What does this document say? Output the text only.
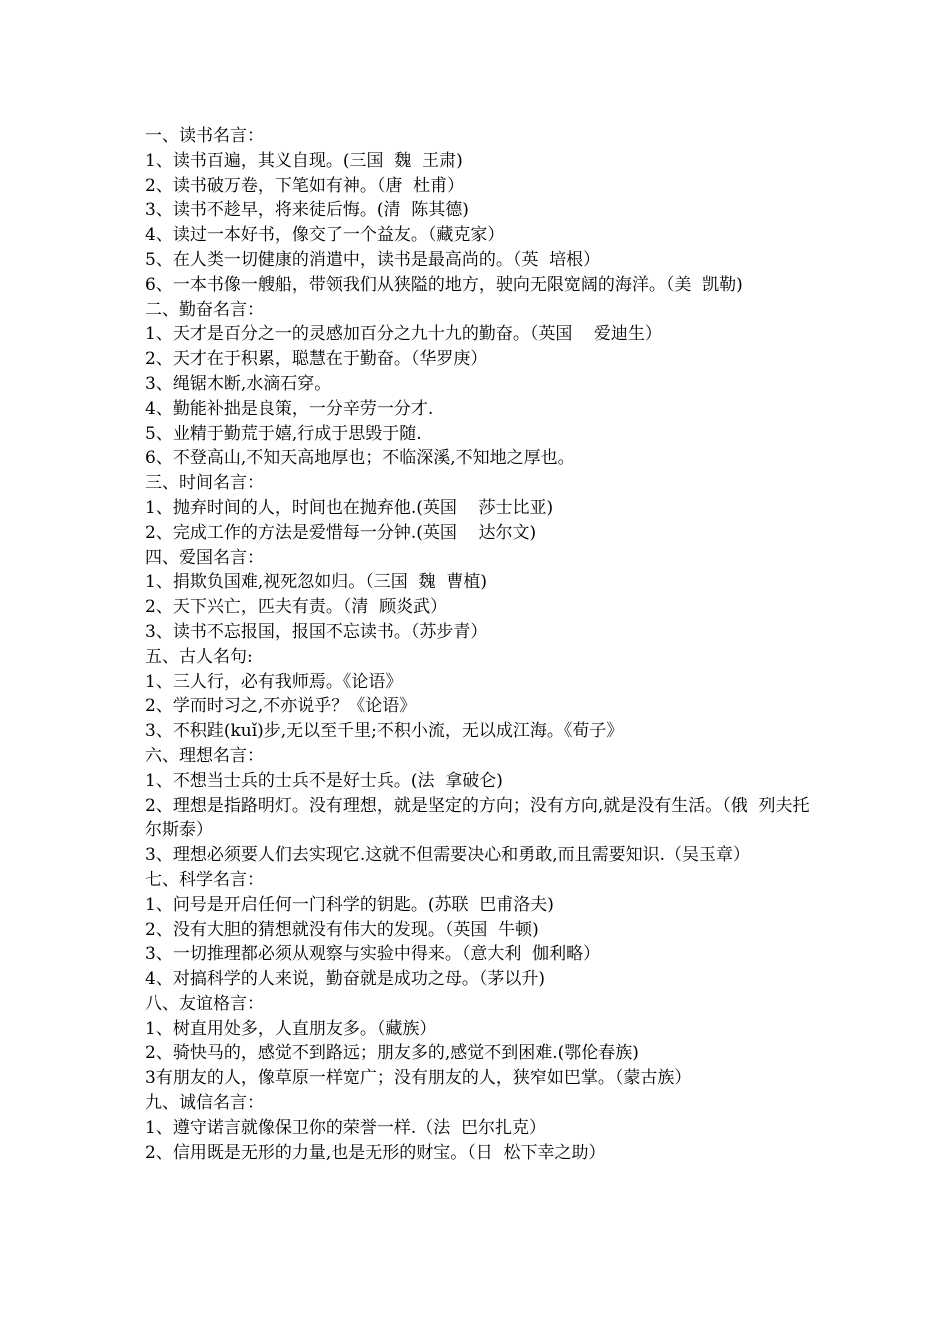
一、读书名言：

1、读书百遍，其义自现。(三国  魏  王肃)

2、读书破万卷，下笔如有神。（唐  杜甫）

3、读书不趁早，将来徒后悔。(清  陈其德)

4、读过一本好书，像交了一个益友。（藏克家）

5、在人类一切健康的消遣中，读书是最高尚的。（英  培根）

6、一本书像一艘船，带领我们从狭隘的地方，驶向无限宽阔的海洋。（美  凯勒)

二、勤奋名言：

1、天才是百分之一的灵感加百分之九十九的勤奋。（英国    爱迪生）

2、天才在于积累，聪慧在于勤奋。（华罗庚）

3、绳锯木断,水滴石穿。

4、勤能补拙是良策，一分辛劳一分才.

5、业精于勤荒于嬉,行成于思毁于随.

6、不登高山,不知天高地厚也；不临深溪,不知地之厚也。

三、时间名言：

1、抛弃时间的人，时间也在抛弃他.(英国    莎士比亚)

2、完成工作的方法是爱惜每一分钟.(英国    达尔文)

四、爱国名言：

1、捐欺负国难,视死忽如归。（三国  魏  曹植)

2、天下兴亡，匹夫有责。（清  顾炎武）

3、读书不忘报国，报国不忘读书。（苏步青）

五、古人名句:

1、三人行，必有我师焉。《论语》

2、学而时习之,不亦说乎？《论语》

3、不积跬(kuǐ)步,无以至千里;不积小流，无以成江海。《荀子》

六、理想名言：

1、不想当士兵的士兵不是好士兵。(法  拿破仑)

2、理想是指路明灯。没有理想，就是坚定的方向；没有方向,就是没有生活。（俄  列夫托尔斯泰）

3、理想必须要人们去实现它.这就不但需要决心和勇敢,而且需要知识.（吴玉章）

七、科学名言：

1、问号是开启任何一门科学的钥匙。(苏联  巴甫洛夫)

2、没有大胆的猜想就没有伟大的发现。（英国  牛顿)

3、一切推理都必须从观察与实验中得来。（意大利  伽利略）

4、对搞科学的人来说，勤奋就是成功之母。（茅以升)

八、友谊格言：

1、树直用处多，人直朋友多。（藏族）

2、骑快马的，感觉不到路远；朋友多的,感觉不到困难.(鄂伦春族)

3有朋友的人，像草原一样宽广；没有朋友的人，狭窄如巴掌。（蒙古族）

九、诚信名言：

1、遵守诺言就像保卫你的荣誉一样.（法  巴尔扎克）

2、信用既是无形的力量,也是无形的财宝。（日  松下幸之助）
